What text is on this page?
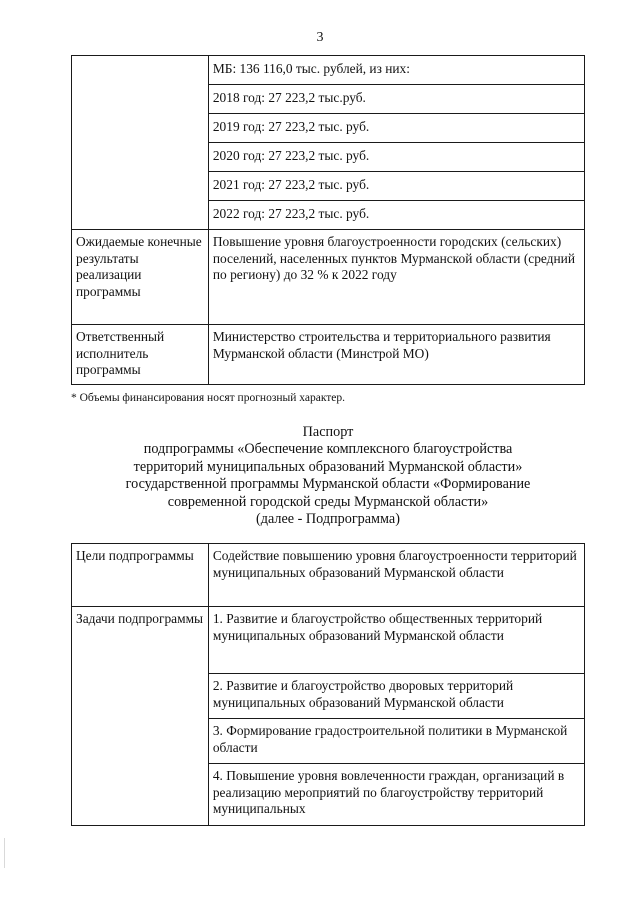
3
	МБ: 136 116,0 тыс. рублей, из них:
	2018 год: 27 223,2 тыс.руб.
	2019 год: 27 223,2 тыс. руб.
	2020 год: 27 223,2 тыс. руб.
	2021 год: 27 223,2 тыс. руб.
	2022 год: 27 223,2 тыс. руб.
Ожидаемые конечные результаты реализации программы	Повышение уровня благоустроенности городских (сельских) поселений, населенных пунктов Мурманской области (средний по региону) до 32 % к 2022 году
Ответственный исполнитель программы	Министерство строительства и территориального развития Мурманской области (Минстрой МО)
* Объемы финансирования носят прогнозный характер.
Паспорт
подпрограммы «Обеспечение комплексного благоустройства
территорий муниципальных образований Мурманской области»
государственной программы Мурманской области «Формирование
современной городской среды Мурманской области»
(далее - Подпрограмма)
Цели подпрограммы	Содействие повышению уровня благоустроенности территорий муниципальных образований Мурманской области
Задачи подпрограммы	1. Развитие и благоустройство общественных территорий муниципальных образований Мурманской области
	2. Развитие и благоустройство дворовых территорий муниципальных образований Мурманской области
	3. Формирование градостроительной политики в Мурманской области
	4. Повышение уровня вовлеченности граждан, организаций в реализацию мероприятий по благоустройству территорий муниципальных
